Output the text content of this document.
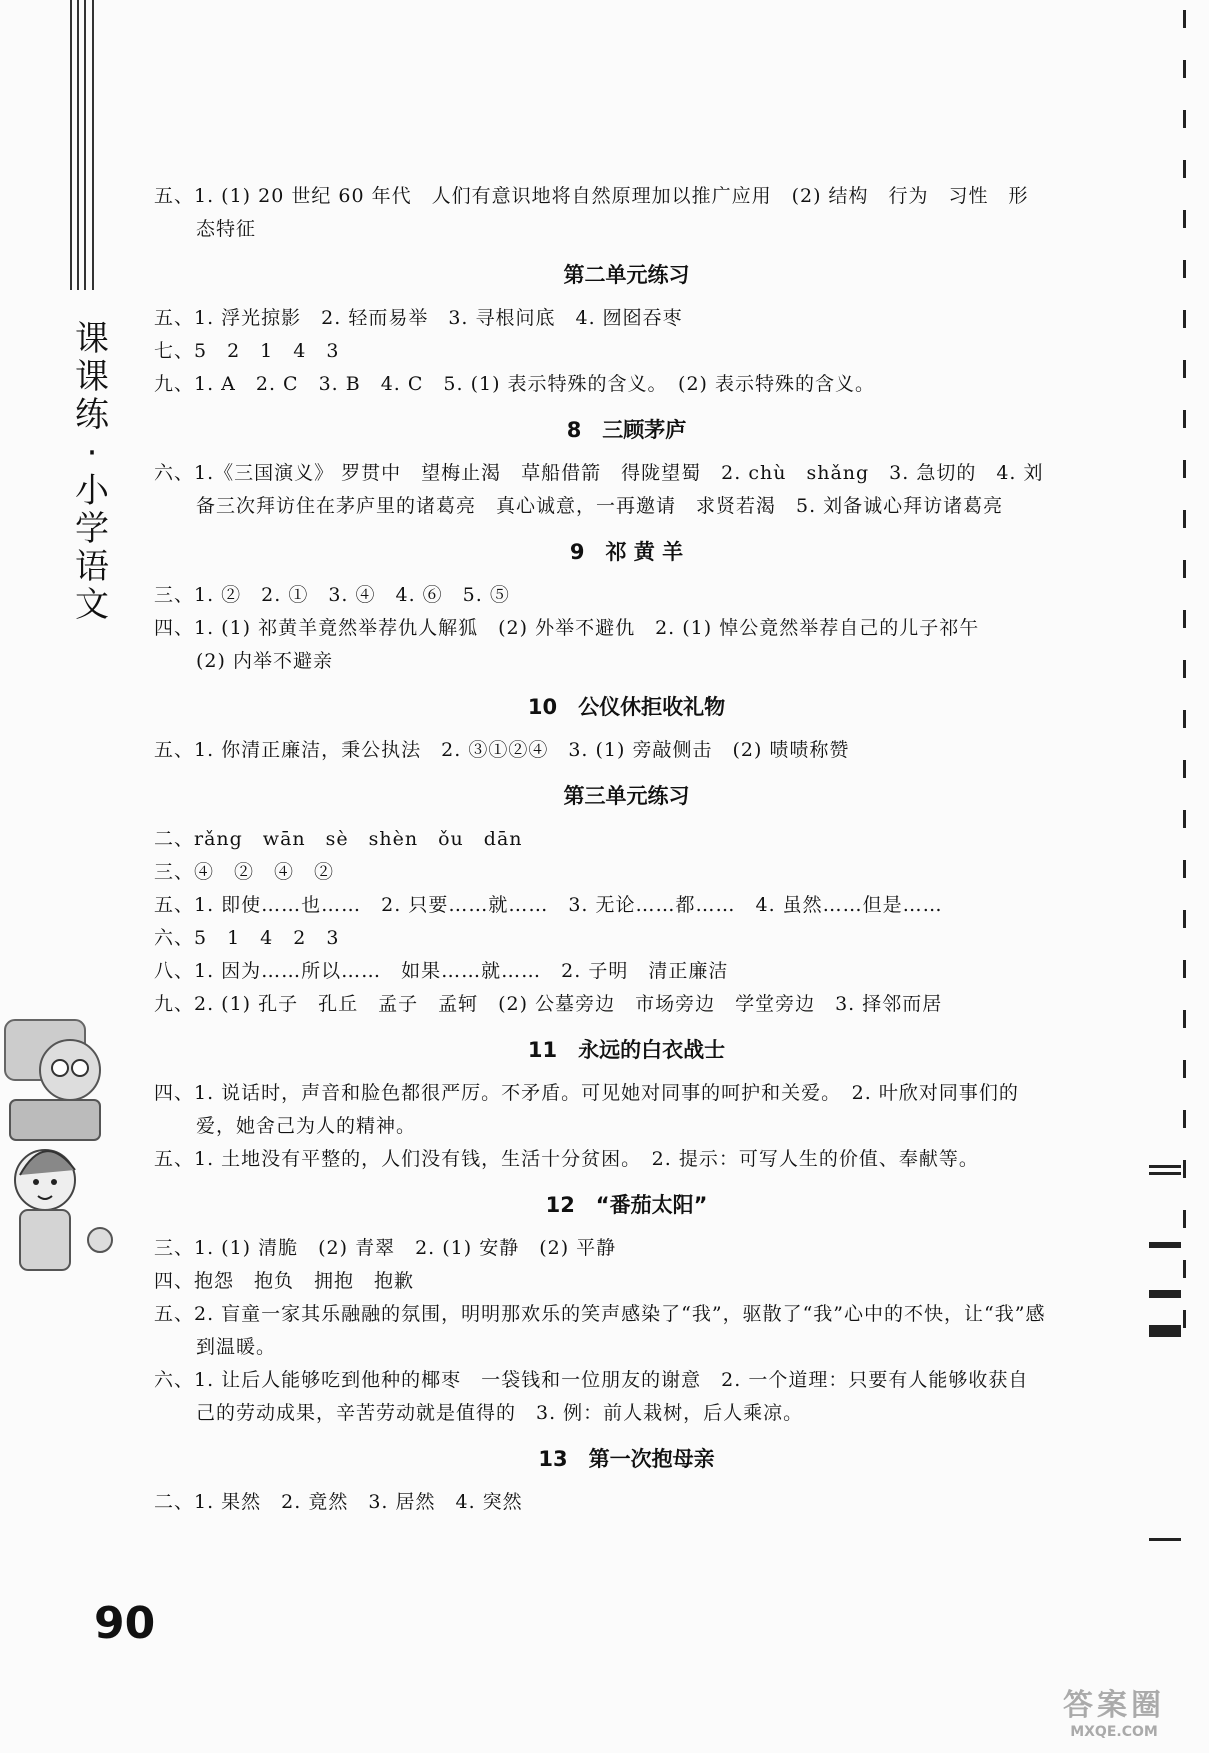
课课练·小学语文
五、1. (1) 20 世纪 60 年代　人们有意识地将自然原理加以推广应用　(2) 结构　行为　习性　形
态特征
第二单元练习
五、1. 浮光掠影　2. 轻而易举　3. 寻根问底　4. 囫囵吞枣
七、5　2　1　4　3
九、1. A　2. C　3. B　4. C　5. (1) 表示特殊的含义。　(2) 表示特殊的含义。
8　三顾茅庐
六、1.《三国演义》 罗贯中　望梅止渴　草船借箭　得陇望蜀　2. chù　shǎng　3. 急切的　4. 刘
备三次拜访住在茅庐里的诸葛亮　真心诚意，一再邀请　求贤若渴　5. 刘备诚心拜访诸葛亮
9　祁 黄 羊
三、1. ②　2. ①　3. ④　4. ⑥　5. ⑤
四、1. (1) 祁黄羊竟然举荐仇人解狐　(2) 外举不避仇　2. (1) 悼公竟然举荐自己的儿子祁午
(2) 内举不避亲
10　公仪休拒收礼物
五、1. 你清正廉洁，秉公执法　2. ③①②④　3. (1) 旁敲侧击　(2) 啧啧称赞
第三单元练习
二、rǎng　wān　sè　shèn　ǒu　dān
三、④　②　④　②
五、1. 即使……也……　2. 只要……就……　3. 无论……都……　4. 虽然……但是……
六、5　1　4　2　3
八、1. 因为……所以……　如果……就……　2. 子明　清正廉洁
九、2. (1) 孔子　孔丘　孟子　孟轲　(2) 公墓旁边　市场旁边　学堂旁边　3. 择邻而居
11　永远的白衣战士
四、1. 说话时，声音和脸色都很严厉。不矛盾。可见她对同事的呵护和关爱。　2. 叶欣对同事们的
爱，她舍己为人的精神。
五、1. 土地没有平整的，人们没有钱，生活十分贫困。　2. 提示：可写人生的价值、奉献等。
12　“番茄太阳”
三、1. (1) 清脆　(2) 青翠　2. (1) 安静　(2) 平静
四、抱怨　抱负　拥抱　抱歉
五、2. 盲童一家其乐融融的氛围，明明那欢乐的笑声感染了“我”，驱散了“我”心中的不快，让“我”感
到温暖。
六、1. 让后人能够吃到他种的椰枣　一袋钱和一位朋友的谢意　2. 一个道理：只要有人能够收获自
己的劳动成果，辛苦劳动就是值得的　3. 例：前人栽树，后人乘凉。
13　第一次抱母亲
二、1. 果然　2. 竟然　3. 居然　4. 突然
90
答案圈
MXQE.COM
